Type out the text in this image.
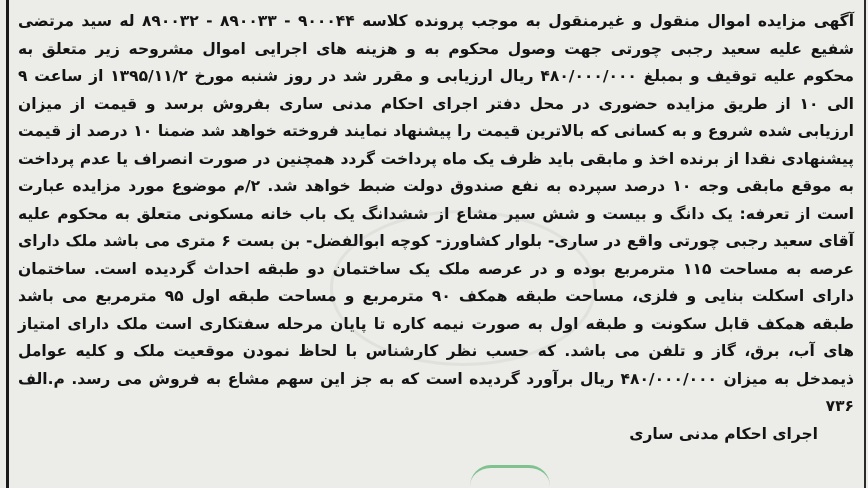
آگهی مزایده اموال منقول و غیرمنقول به موجب پرونده کلاسه ۹۰۰۰۴۴ - ۸۹۰۰۳۳ - ۸۹۰۰۳۲ له سید مرتضی شفیع علیه سعید رجبی چورتی جهت وصول محکوم به و هزینه های اجرایی اموال مشروحه زیر متعلق به محکوم علیه توقیف و بمبلغ ۴۸۰/۰۰۰/۰۰۰ ریال ارزیابی و مقرر شد در روز شنبه مورخ ۱۳۹۵/۱۱/۲ از ساعت ۹ الی ۱۰ از طریق مزایده حضوری در محل دفتر اجرای احکام مدنی ساری بفروش برسد و قیمت از میزان ارزیابی شده شروع و به کسانی که بالاترین قیمت را پیشنهاد نمایند فروخته خواهد شد ضمنا ۱۰ درصد از قیمت پیشنهادی نقدا از برنده اخذ و مابقی باید ظرف یک ماه پرداخت گردد همچنین در صورت انصراف یا عدم پرداخت به موقع مابقی وجه ۱۰ درصد سپرده به نفع صندوق دولت ضبط خواهد شد. ۲/م موضوع مورد مزایده عبارت است از تعرفه: یک دانگ و بیست و شش سیر مشاع از ششدانگ یک باب خانه مسکونی متعلق به محکوم علیه آقای سعید رجبی چورتی واقع در ساری- بلوار کشاورز- کوچه ابوالفضل- بن بست ۶ متری می باشد ملک دارای عرصه به مساحت ۱۱۵ مترمربع بوده و در عرصه ملک یک ساختمان دو طبقه احداث گردیده است. ساختمان دارای اسکلت بنایی و فلزی، مساحت طبقه همکف ۹۰ مترمربع و مساحت طبقه اول ۹۵ مترمربع می باشد طبقه همکف قابل سکونت و طبقه اول به صورت نیمه کاره تا پایان مرحله سفتکاری است ملک دارای امتیاز های آب، برق، گاز و تلفن می باشد. که حسب نظر کارشناس با لحاظ نمودن موقعیت ملک و کلیه عوامل ذیمدخل به میزان ۴۸۰/۰۰۰/۰۰۰ ریال برآورد گردیده است که به جز این سهم مشاع به فروش می رسد. م.الف ۷۳۶

اجرای احکام مدنی ساری
